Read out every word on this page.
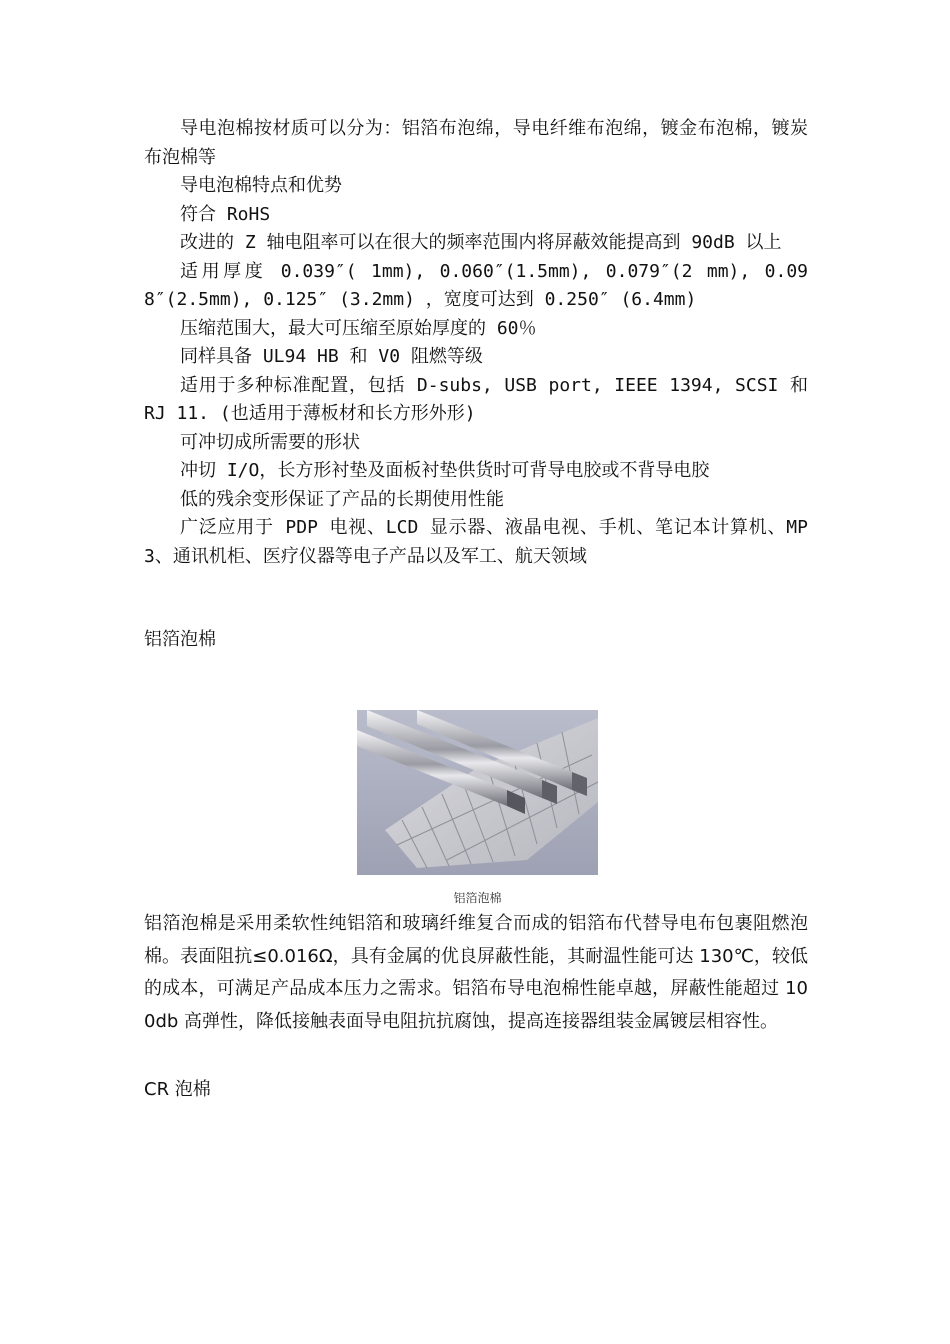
导电泡棉按材质可以分为：铝箔布泡绵，导电纤维布泡绵，镀金布泡棉，镀炭布泡棉等

导电泡棉特点和优势

符合 RoHS

改进的 Z 轴电阻率可以在很大的频率范围内将屏蔽效能提高到 90dB 以上

适用厚度 0.039″( 1mm), 0.060″(1.5mm), 0.079″(2 mm), 0.098″(2.5mm), 0.125″ (3.2mm) ，宽度可达到 0.250″ (6.4mm)

压缩范围大，最大可压缩至原始厚度的 60％

同样具备 UL94 HB 和 V0 阻燃等级

适用于多种标准配置，包括 D-subs, USB port, IEEE 1394, SCSI 和 RJ 11. (也适用于薄板材和长方形外形)

可冲切成所需要的形状

冲切 I/O，长方形衬垫及面板衬垫供货时可背导电胶或不背导电胶

低的残余变形保证了产品的长期使用性能

广泛应用于 PDP 电视、LCD 显示器、液晶电视、手机、笔记本计算机、MP3、通讯机柜、医疗仪器等电子产品以及军工、航天领域

铝箔泡棉
铝箔泡棉

铝箔泡棉是采用柔软性纯铝箔和玻璃纤维复合而成的铝箔布代替导电布包裹阻燃泡棉。表面阻抗≤0.016Ω，具有金属的优良屏蔽性能，其耐温性能可达 130℃，较低的成本，可满足产品成本压力之需求。铝箔布导电泡棉性能卓越，屏蔽性能超过 100db 高弹性，降低接触表面导电阻抗抗腐蚀，提高连接器组装金属镀层相容性。

CR 泡棉
